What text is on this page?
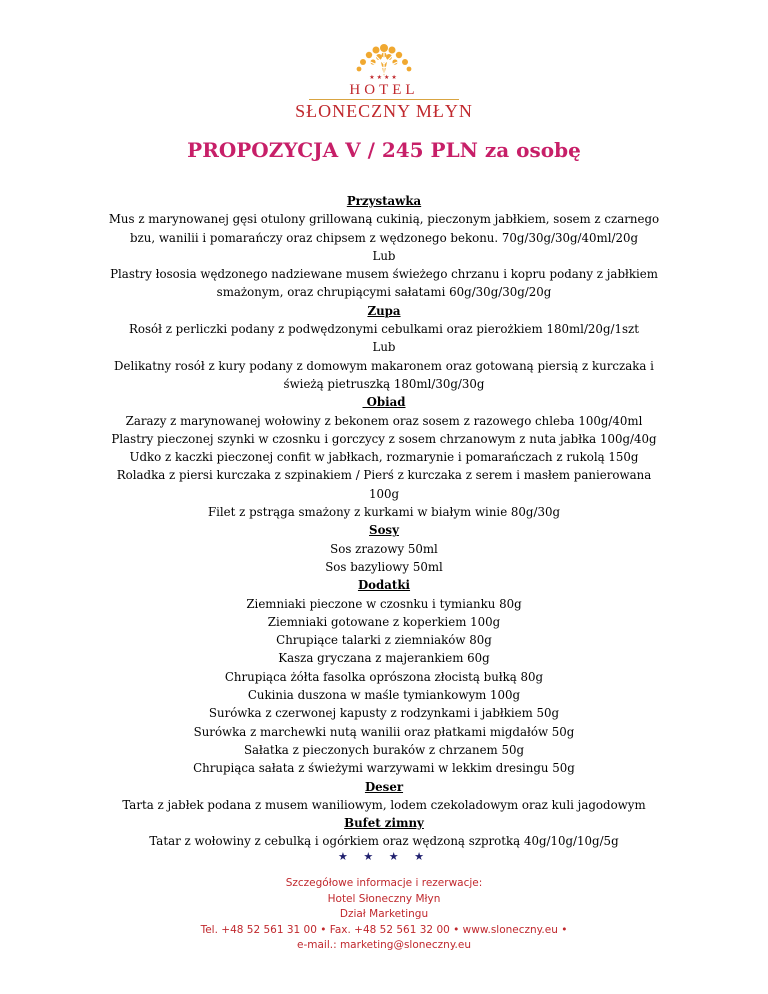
★★★★
HOTEL
SŁONECZNY MŁYN
PROPOZYCJA V / 245 PLN za osobę
Przystawka
Mus z marynowanej gęsi otulony grillowaną cukinią, pieczonym jabłkiem, sosem z czarnego
bzu, wanilii i pomarańczy oraz chipsem z wędzonego bekonu. 70g/30g/30g/40ml/20g
Lub
Plastry łososia wędzonego nadziewane musem świeżego chrzanu i kopru podany z jabłkiem
smażonym, oraz chrupiącymi sałatami 60g/30g/30g/20g
Zupa
Rosół z perliczki podany z podwędzonymi cebulkami oraz pierożkiem 180ml/20g/1szt
Lub
Delikatny rosół z kury podany z domowym makaronem oraz gotowaną piersią z kurczaka i
świeżą pietruszką 180ml/30g/30g
Obiad
Zarazy z marynowanej wołowiny z bekonem oraz sosem z razowego chleba 100g/40ml
Plastry pieczonej szynki w czosnku i gorczycy z sosem chrzanowym z nuta jabłka 100g/40g
Udko z kaczki pieczonej confit w jabłkach, rozmarynie i pomarańczach z rukolą 150g
Roladka z piersi kurczaka z szpinakiem / Pierś z kurczaka z serem i masłem panierowana
100g
Filet z pstrąga smażony z kurkami w białym winie 80g/30g
Sosy
Sos zrazowy 50ml
Sos bazyliowy 50ml
Dodatki
Ziemniaki pieczone w czosnku i tymianku 80g
Ziemniaki gotowane z koperkiem 100g
Chrupiące talarki z ziemniaków 80g
Kasza gryczana z majerankiem 60g
Chrupiąca żółta fasolka oprószona złocistą bułką 80g
Cukinia duszona w maśle tymiankowym 100g
Surówka z czerwonej kapusty z rodzynkami i jabłkiem 50g
Surówka z marchewki nutą wanilii oraz płatkami migdałów 50g
Sałatka z pieczonych buraków z chrzanem 50g
Chrupiąca sałata z świeżymi warzywami w lekkim dresingu 50g
Deser
Tarta z jabłek podana z musem waniliowym, lodem czekoladowym oraz kuli jagodowym
Bufet zimny
Tatar z wołowiny z cebulką i ogórkiem oraz wędzoną szprotką 40g/10g/10g/5g
★ ★ ★ ★
Szczegółowe informacje i rezerwacje:
Hotel Słoneczny Młyn
Dział Marketingu
Tel. +48 52 561 31 00 • Fax. +48 52 561 32 00 • www.sloneczny.eu •
e-mail.: marketing@sloneczny.eu
